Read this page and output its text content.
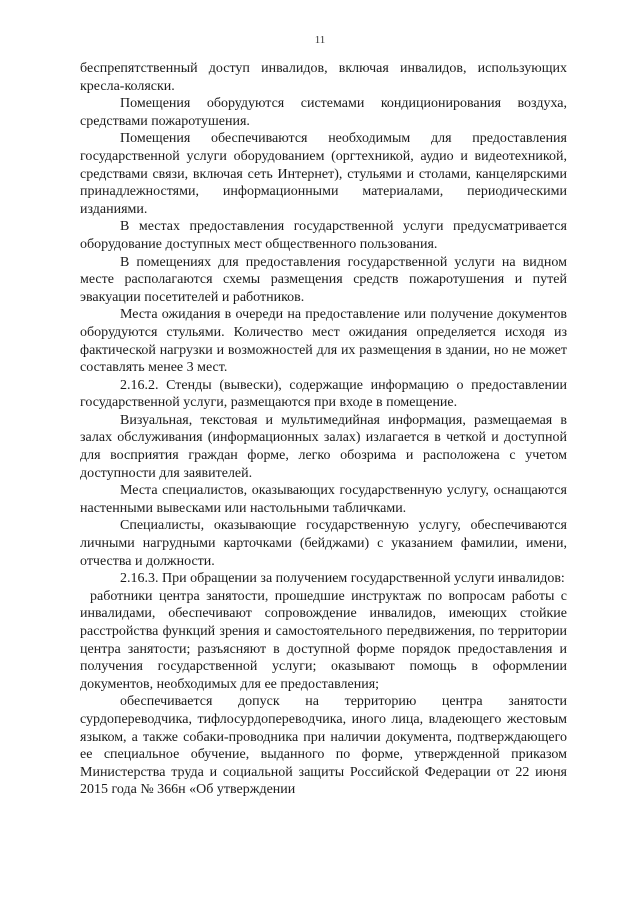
11

беспрепятственный доступ инвалидов, включая инвалидов, использующих кресла-коляски.

Помещения оборудуются системами кондиционирования воздуха, средствами пожаротушения.

Помещения обеспечиваются необходимым для предоставления государственной услуги оборудованием (оргтехникой, аудио и видеотехникой, средствами связи, включая сеть Интернет), стульями и столами, канцелярскими принадлежностями, информационными материалами, периодическими изданиями.

В местах предоставления государственной услуги предусматривается оборудование доступных мест общественного пользования.

В помещениях для предоставления государственной услуги на видном месте располагаются схемы размещения средств пожаротушения и путей эвакуации посетителей и работников.

Места ожидания в очереди на предоставление или получение документов оборудуются стульями. Количество мест ожидания определяется исходя из фактической нагрузки и возможностей для их размещения в здании, но не может составлять менее 3 мест.

2.16.2. Стенды (вывески), содержащие информацию о предоставлении государственной услуги, размещаются при входе в помещение.

Визуальная, текстовая и мультимедийная информация, размещаемая в залах обслуживания (информационных залах) излагается в четкой и доступной для восприятия граждан форме, легко обозрима и расположена с учетом доступности для заявителей.

Места специалистов, оказывающих государственную услугу, оснащаются настенными вывесками или настольными табличками.

Специалисты, оказывающие государственную услугу, обеспечиваются личными нагрудными карточками (бейджами) с указанием фамилии, имени, отчества и должности.

2.16.3. При обращении за получением государственной услуги инвалидов:

работники центра занятости, прошедшие инструктаж по вопросам работы с инвалидами, обеспечивают сопровождение инвалидов, имеющих стойкие расстройства функций зрения и самостоятельного передвижения, по территории центра занятости; разъясняют в доступной форме порядок предоставления и получения государственной услуги; оказывают помощь в оформлении документов, необходимых для ее предоставления;

обеспечивается допуск на территорию центра занятости сурдопереводчика, тифлосурдопереводчика, иного лица, владеющего жестовым языком, а также собаки-проводника при наличии документа, подтверждающего ее специальное обучение, выданного по форме, утвержденной приказом Министерства труда и социальной защиты Российской Федерации от 22 июня 2015 года № 366н «Об утверждении
